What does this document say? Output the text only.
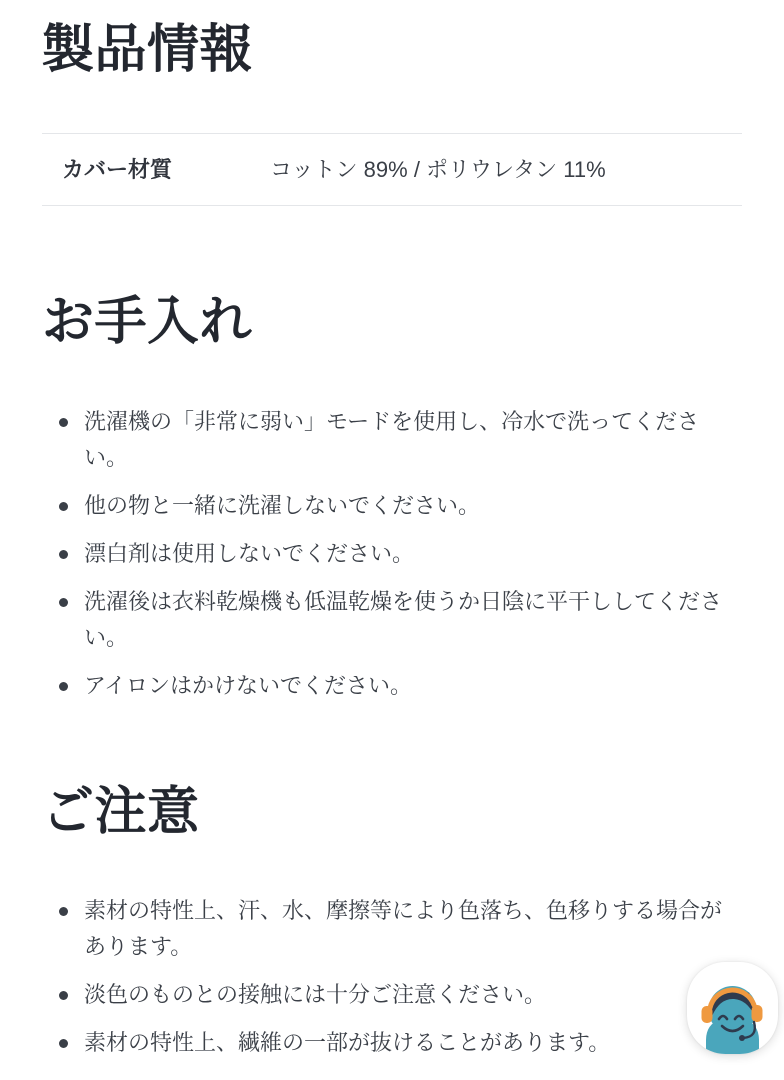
製品情報
カバー材質	コットン 89% / ポリウレタン 11%
お手入れ
洗濯機の「非常に弱い」モードを使用し、冷水で洗ってください。
他の物と一緒に洗濯しないでください。
漂白剤は使用しないでください。
洗濯後は衣料乾燥機も低温乾燥を使うか日陰に平干ししてください。
アイロンはかけないでください。
ご注意
素材の特性上、汗、水、摩擦等により色落ち、色移りする場合があります。
淡色のものとの接触には十分ご注意ください。
素材の特性上、繊維の一部が抜けることがあります。
